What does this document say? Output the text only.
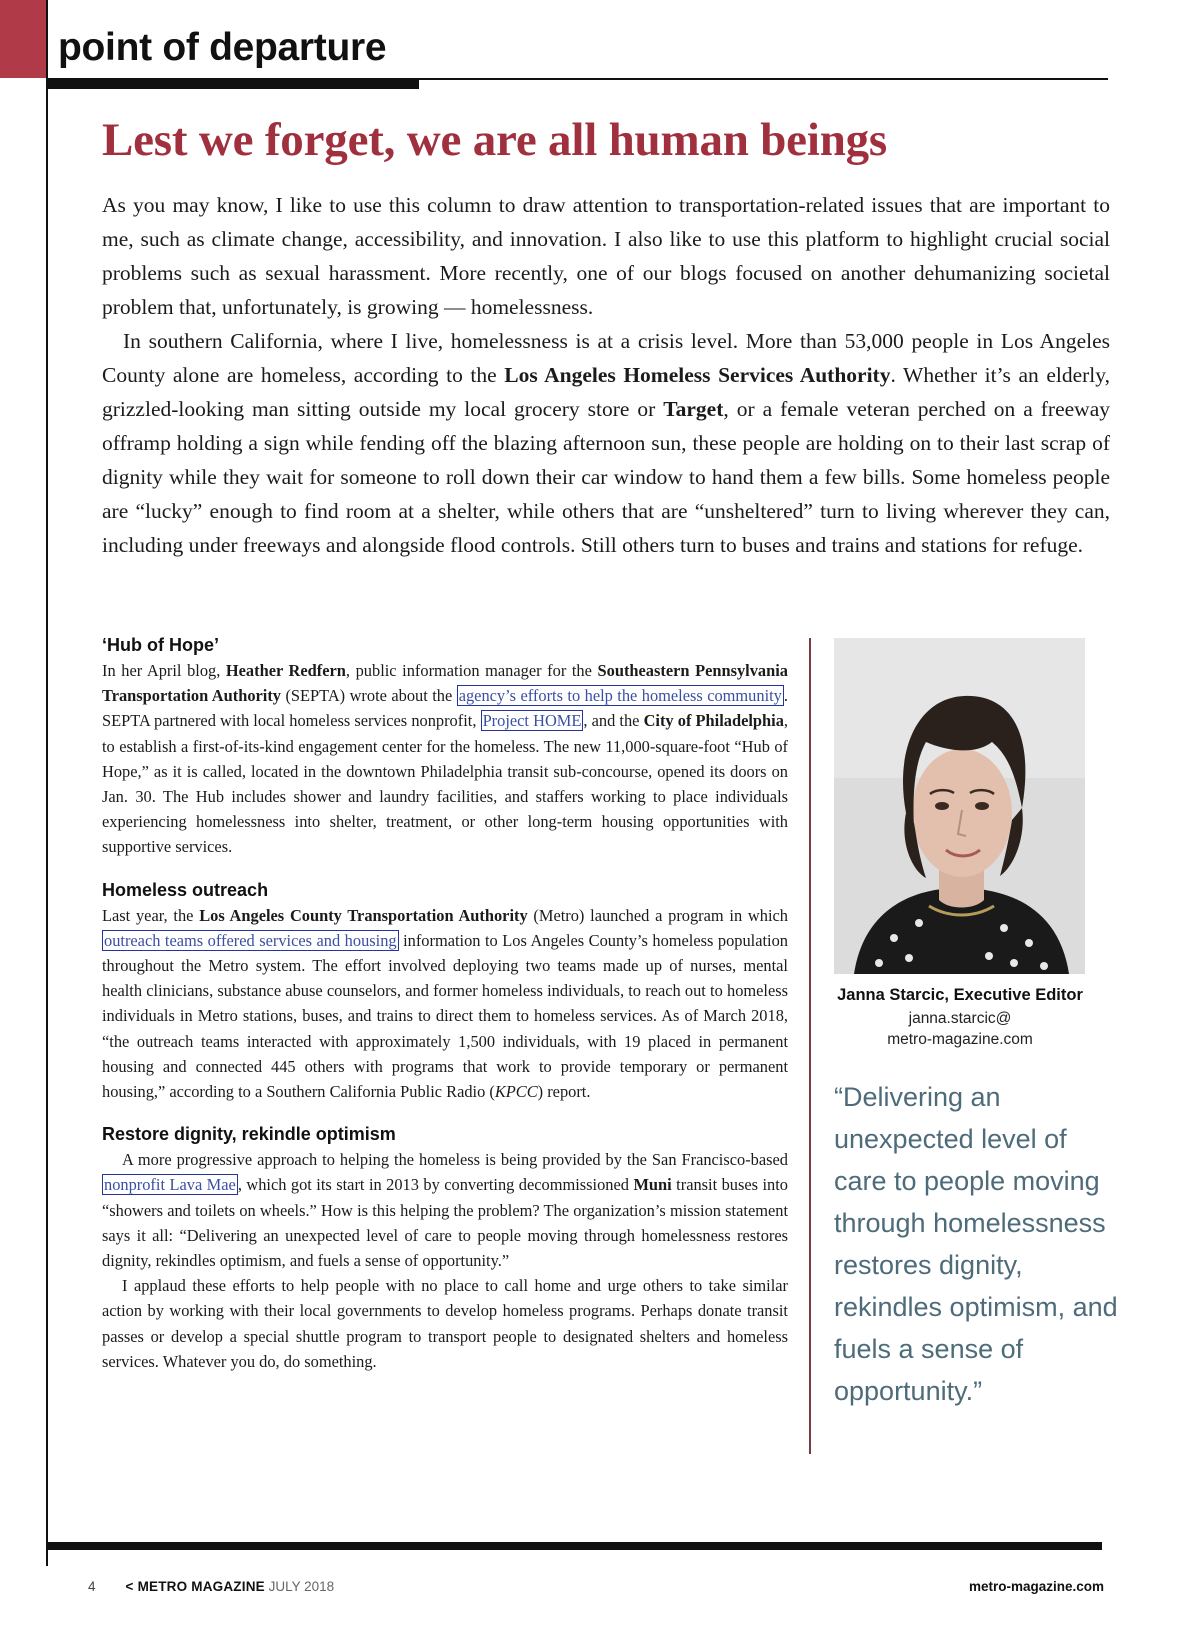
point of departure
Lest we forget, we are all human beings

As you may know, I like to use this column to draw attention to transportation-related issues that are important to me, such as climate change, accessibility, and innovation. I also like to use this platform to highlight crucial social problems such as sexual harassment. More recently, one of our blogs focused on another dehumanizing societal problem that, unfortunately, is growing — homelessness.

In southern California, where I live, homelessness is at a crisis level. More than 53,000 people in Los Angeles County alone are homeless, according to the Los Angeles Homeless Services Authority. Whether it’s an elderly, grizzled-looking man sitting outside my local grocery store or Target, or a female veteran perched on a freeway offramp holding a sign while fending off the blazing afternoon sun, these people are holding on to their last scrap of dignity while they wait for someone to roll down their car window to hand them a few bills. Some homeless people are “lucky” enough to find room at a shelter, while others that are “unsheltered” turn to living wherever they can, including under freeways and alongside flood controls. Still others turn to buses and trains and stations for refuge.

‘Hub of Hope’

In her April blog, Heather Redfern, public information manager for the Southeastern Pennsylvania Transportation Authority (SEPTA) wrote about the agency’s efforts to help the homeless community . SEPTA partnered with local homeless services nonprofit, Project HOME , and the City of Philadelphia, to establish a first-of-its-kind engagement center for the homeless. The new 11,000-square-foot “Hub of Hope,” as it is called, located in the downtown Philadelphia transit sub-concourse, opened its doors on Jan. 30. The Hub includes shower and laundry facilities, and staffers working to place individuals experiencing homelessness into shelter, treatment, or other long-term housing opportunities with supportive services.

Homeless outreach

Last year, the Los Angeles County Transportation Authority (Metro) launched a program in which outreach teams offered services and housing information to Los Angeles County’s homeless population throughout the Metro system. The effort involved deploying two teams made up of nurses, mental health clinicians, substance abuse counselors, and former homeless individuals, to reach out to homeless individuals in Metro stations, buses, and trains to direct them to homeless services. As of March 2018, “the outreach teams interacted with approximately 1,500 individuals, with 19 placed in permanent housing and connected 445 others with programs that work to provide temporary or permanent housing,” according to a Southern California Public Radio (KPCC) report.

Restore dignity, rekindle optimism

A more progressive approach to helping the homeless is being provided by the San Francisco-based nonprofit Lava Mae , which got its start in 2013 by converting decommissioned Muni transit buses into “showers and toilets on wheels.” How is this helping the problem? The organization’s mission statement says it all: “Delivering an unexpected level of care to people moving through homelessness restores dignity, rekindles optimism, and fuels a sense of opportunity.”

I applaud these efforts to help people with no place to call home and urge others to take similar action by working with their local governments to develop homeless programs. Perhaps donate transit passes or develop a special shuttle program to transport people to designated shelters and homeless services. Whatever you do, do something.

Janna Starcic, Executive Editor

janna.starcic@
metro-magazine.com

“Delivering an unexpected level of care to people moving through homelessness restores dignity, rekindles optimism, and fuels a sense of opportunity.”

4 < METRO MAGAZINE JULY 2018	metro-magazine.com
